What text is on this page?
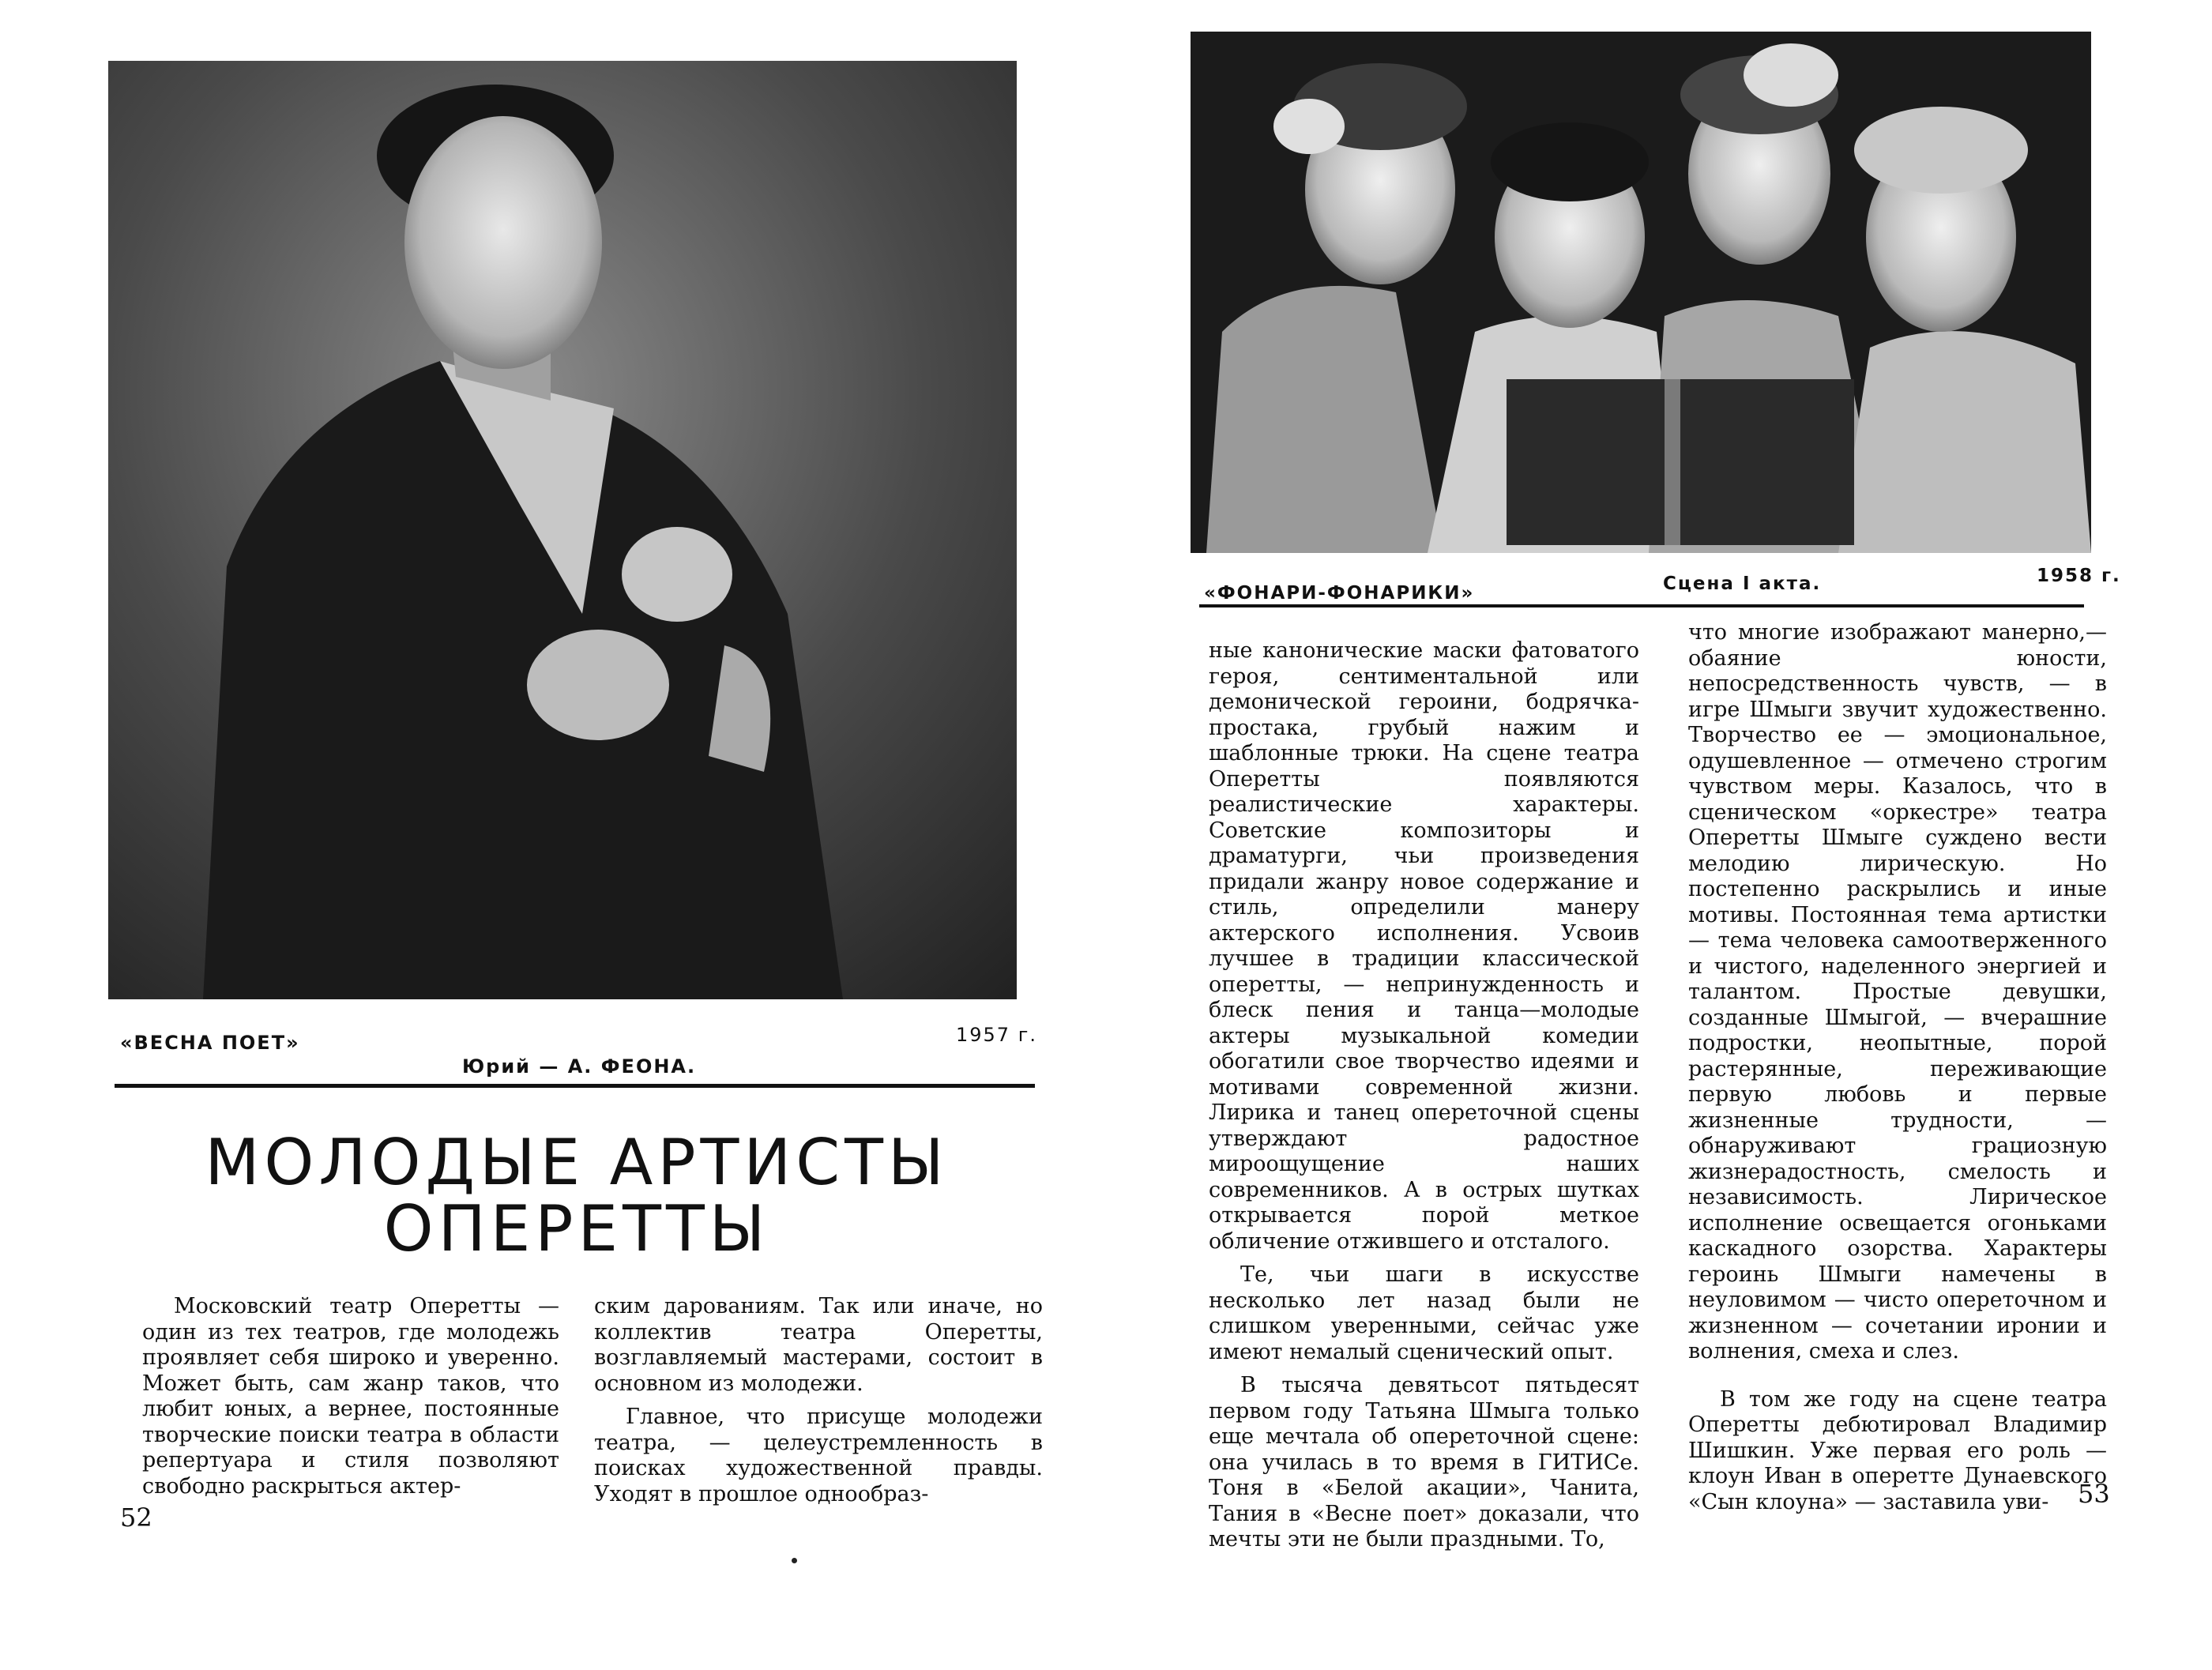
«ВЕСНА ПОЕТ»	1957 г.
Юрий — А. ФЕОНА.
МОЛОДЫЕ АРТИСТЫ
ОПЕРЕТТЫ

Московский театр Оперетты — один из тех театров, где молодежь проявляет себя широко и уверенно. Может быть, сам жанр таков, что любит юных, а вернее, постоянные творческие поиски театра в области репертуара и стиля позволяют свободно раскрыться актер-

ским дарованиям. Так или иначе, но коллектив театра Оперетты, возглавляемый мастерами, состоит в основном из молодежи.

Главное, что присуще молодежи театра, — целеустремленность в поисках художественной правды. Уходят в прошлое однообраз-

52
«ФОНАРИ-ФОНАРИКИ»	Сцена I акта.	1958 г.

ные канонические маски фатоватого героя, сентиментальной или демонической героини, бодрячка-простака, грубый нажим и шаблонные трюки. На сцене театра Оперетты появляются реалистические характеры. Советские композиторы и драматурги, чьи произведения придали жанру новое содержание и стиль, определили манеру актерского исполнения. Усвоив лучшее в традиции классической оперетты, — непринужденность и блеск пения и танца—молодые актеры музыкальной комедии обогатили свое творчество идеями и мотивами современной жизни. Лирика и танец опереточной сцены утверждают радостное мироощущение наших современников. А в острых шутках открывается порой меткое обличение отжившего и отсталого.

Те, чьи шаги в искусстве несколько лет назад были не слишком уверенными, сейчас уже имеют немалый сценический опыт.

В тысяча девятьсот пятьдесят первом году Татьяна Шмыга только еще мечтала об опереточной сцене: она училась в то время в ГИТИСе. Тоня в «Белой акации», Чанита, Тания в «Весне поет» доказали, что мечты эти не были праздными. То,

что многие изображают манерно,— обаяние юности, непосредственность чувств, — в игре Шмыги звучит художественно. Творчество ее — эмоциональное, одушевленное — отмечено строгим чувством меры. Казалось, что в сценическом «оркестре» театра Оперетты Шмыге суждено вести мелодию лирическую. Но постепенно раскрылись и иные мотивы. Постоянная тема артистки — тема человека самоотверженного и чистого, наделенного энергией и талантом. Простые девушки, созданные Шмыгой, — вчерашние подростки, неопытные, порой растерянные, переживающие первую любовь и первые жизненные трудности, — обнаруживают грациозную жизнерадостность, смелость и независимость. Лирическое исполнение освещается огоньками каскадного озорства. Характеры героинь Шмыги намечены в неуловимом — чисто опереточном и жизненном — сочетании иронии и волнения, смеха и слез.

В том же году на сцене театра Оперетты дебютировал Владимир Шишкин. Уже первая его роль — клоун Иван в оперетте Дунаевского «Сын клоуна» — заставила уви-	53
